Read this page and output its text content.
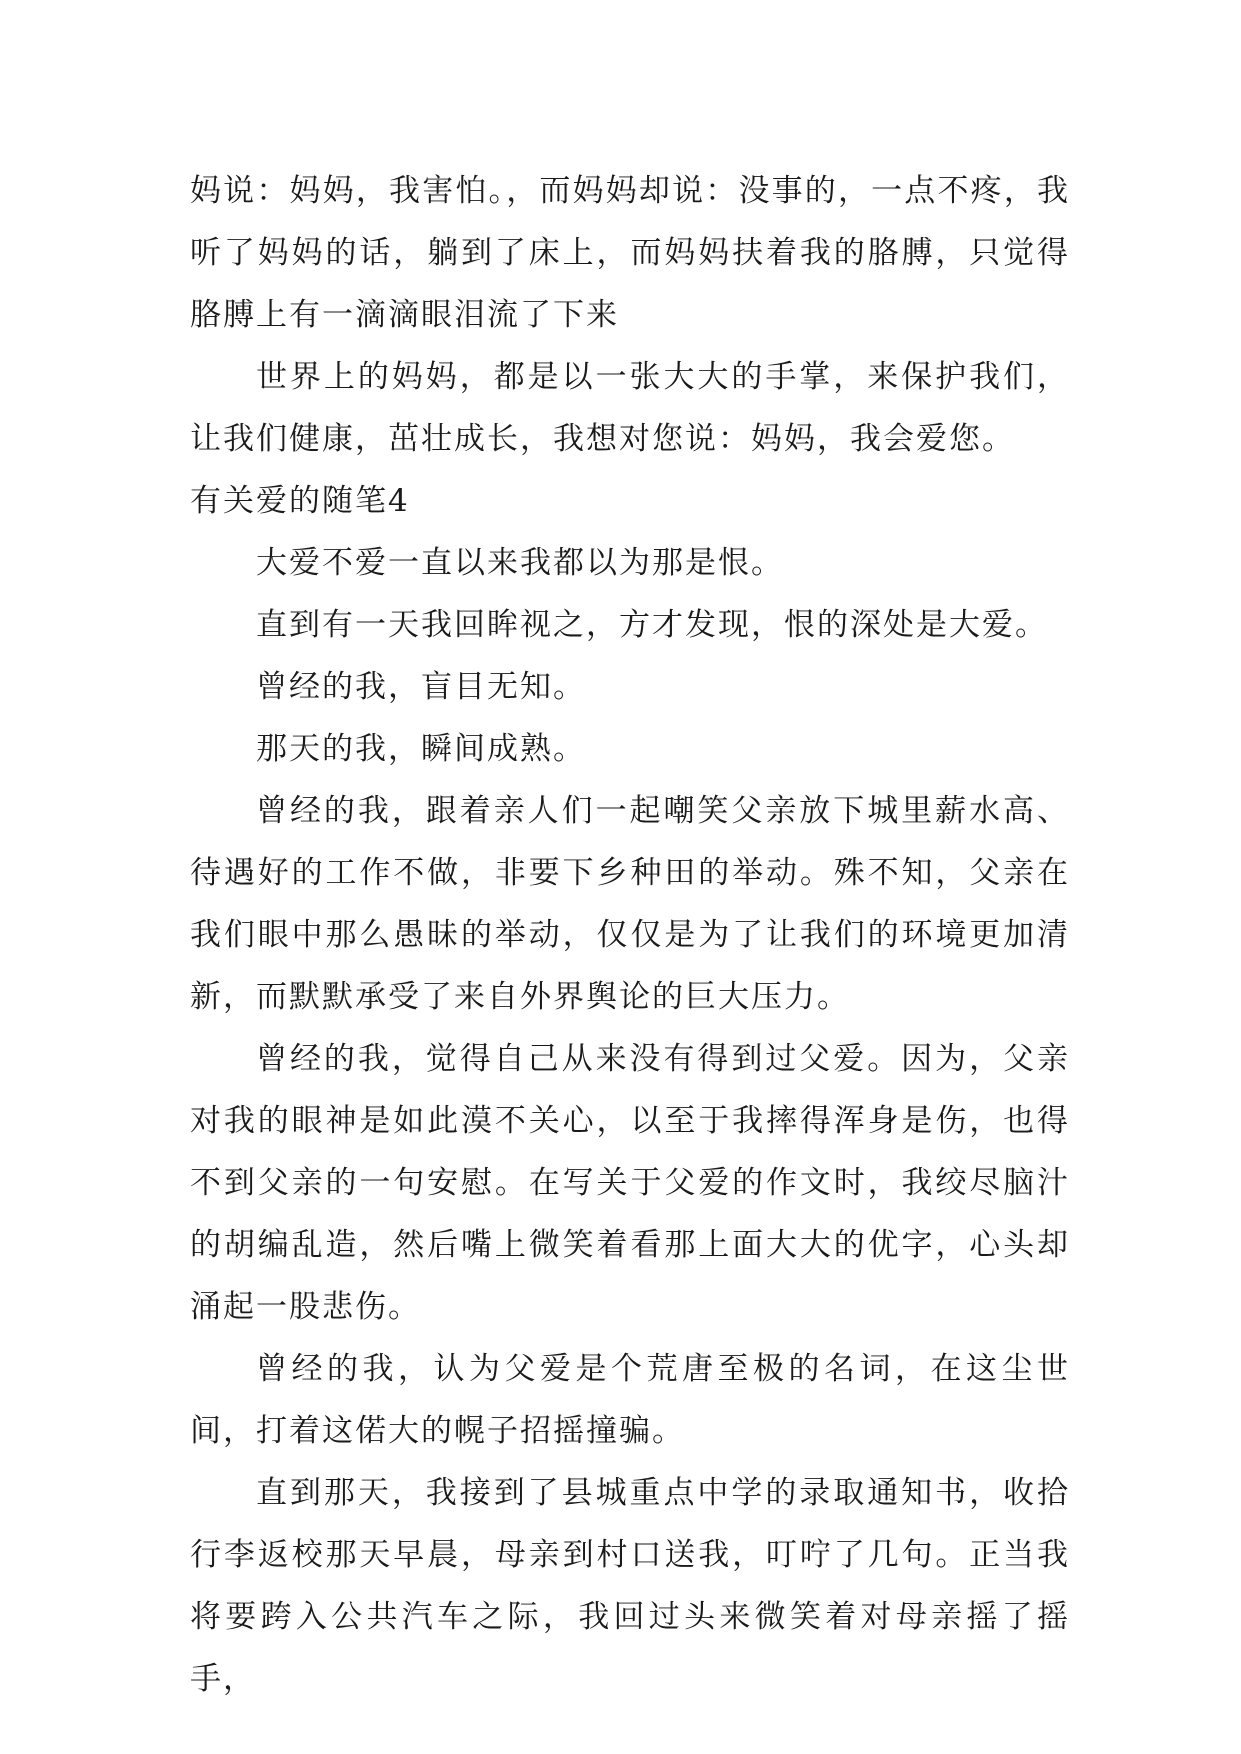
妈说：妈妈，我害怕。，而妈妈却说：没事的，一点不疼，我听了妈妈的话，躺到了床上，而妈妈扶着我的胳膊，只觉得胳膊上有一滴滴眼泪流了下来

世界上的妈妈，都是以一张大大的手掌，来保护我们，让我们健康，茁壮成长，我想对您说：妈妈，我会爱您。

有关爱的随笔4

大爱不爱一直以来我都以为那是恨。

直到有一天我回眸视之，方才发现，恨的深处是大爱。

曾经的我，盲目无知。

那天的我，瞬间成熟。

曾经的我，跟着亲人们一起嘲笑父亲放下城里薪水高、待遇好的工作不做，非要下乡种田的举动。殊不知，父亲在我们眼中那么愚昧的举动，仅仅是为了让我们的环境更加清新，而默默承受了来自外界舆论的巨大压力。

曾经的我，觉得自己从来没有得到过父爱。因为，父亲对我的眼神是如此漠不关心，以至于我摔得浑身是伤，也得不到父亲的一句安慰。在写关于父爱的作文时，我绞尽脑汁的胡编乱造，然后嘴上微笑着看那上面大大的优字，心头却涌起一股悲伤。

曾经的我，认为父爱是个荒唐至极的名词，在这尘世间，打着这偌大的幌子招摇撞骗。

直到那天，我接到了县城重点中学的录取通知书，收拾行李返校那天早晨，母亲到村口送我，叮咛了几句。正当我将要跨入公共汽车之际，我回过头来微笑着对母亲摇了摇手，
